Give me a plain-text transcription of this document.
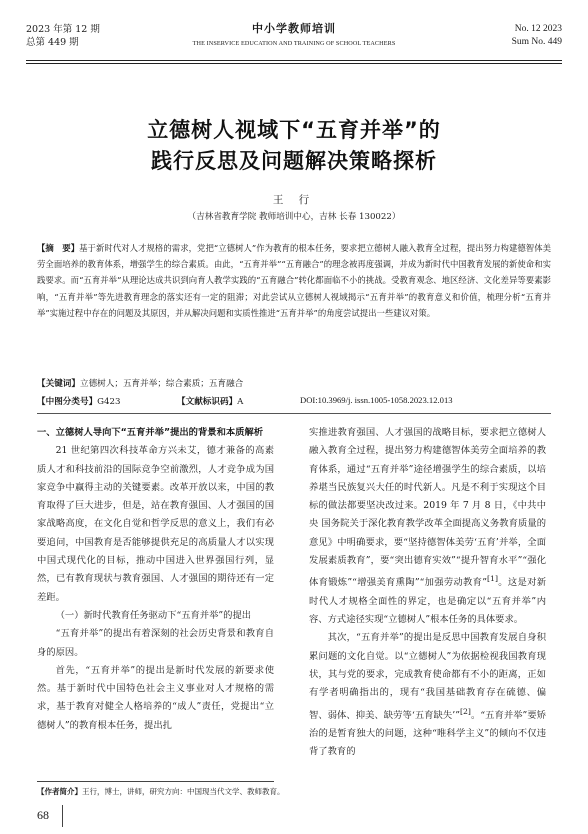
2023 年第 12 期
总第 449 期
中小学教师培训
THE INSERVICE EDUCATION AND TRAINING OF SCHOOL TEACHERS
No. 12 2023
Sum No. 449
立德树人视域下“五育并举”的
践行反思及问题解决策略探析
王 行
（吉林省教育学院 教师培训中心，吉林 长春 130022）
【摘　要】基于新时代对人才规格的需求，党把“立德树人”作为教育的根本任务，要求把立德树人融入教育全过程，提出努力构建德智体美劳全面培养的教育体系，增强学生的综合素质。由此，“五育并举”“五育融合”的理念被再度强调，并成为新时代中国教育发展的新使命和实践要求。而“五育并举”从理论达成共识到向育人教学实践的“五育融合”转化都面临不小的挑战。受教育观念、地区经济、文化差异等要素影响，“五育并举”等先进教育理念的落实还有一定的阻滞；对此尝试从立德树人视域揭示“五育并举”的教育意义和价值，梳理分析“五育并举”实施过程中存在的问题及其原因，并从解决问题和实质性推进“五育并举”的角度尝试提出一些建议对策。
【关键词】立德树人；五育并举；综合素质；五育融合
【中图分类号】G423	【文献标识码】A	DOI:10.3969/j. issn.1005-1058.2023.12.013
一、立德树人导向下“五育并举”提出的背景和本质解析

21 世纪第四次科技革命方兴未艾，德才兼备的高素质人才和科技前沿的国际竞争空前激烈，人才竞争成为国家竞争中赢得主动的关键要素。改革开放以来，中国的教育取得了巨大进步，但是，站在教育强国、人才强国的国家战略高度，在文化自觉和哲学反思的意义上，我们有必要追问，中国教育是否能够提供充足的高质量人才以实现中国式现代化的目标，推动中国进入世界强国行列，显然，已有教育现状与教育强国、人才强国的期待还有一定差距。

（一）新时代教育任务驱动下“五育并举”的提出

“五育并举”的提出有着深刻的社会历史背景和教育自身的原因。

首先，“五育并举”的提出是新时代发展的新要求使然。基于新时代中国特色社会主义事业对人才规格的需求，基于教育对健全人格培养的“成人”责任，党提出“立德树人”的教育根本任务，提出扎

实推进教育强国、人才强国的战略目标，要求把立德树人融入教育全过程，提出努力构建德智体美劳全面培养的教育体系，通过“五育并举”途径增强学生的综合素质，以培养堪当民族复兴大任的时代新人。凡是不利于实现这个目标的做法都要坚决改过来。2019 年 7 月 8 日，《中共中央 国务院关于深化教育教学改革全面提高义务教育质量的意见》中明确要求，要“坚持德智体美劳‘五育’并举，全面发展素质教育”，要“突出德育实效”“提升智育水平”“强化体育锻炼”“增强美育熏陶”“加强劳动教育”[1]。这是对新时代人才规格全面性的界定，也是确定以“五育并举”内容、方式途径实现“立德树人”根本任务的具体要求。

其次，“五育并举”的提出是反思中国教育发展自身积累问题的文化自觉。以“立德树人”为依据检视我国教育现状，其与党的要求，完成教育使命都有不小的距离，正如有学者明确指出的，现有“我国基础教育存在硫德、偏智、弱体、抑美、缺劳等‘五育缺失’”[2]。“五育并举”要矫治的是暂育独大的问题，这种“唯科学主义”的倾向不仅违背了教育的

【作者简介】王行，博士，讲师，研究方向：中国现当代文学、教师教育。
68
